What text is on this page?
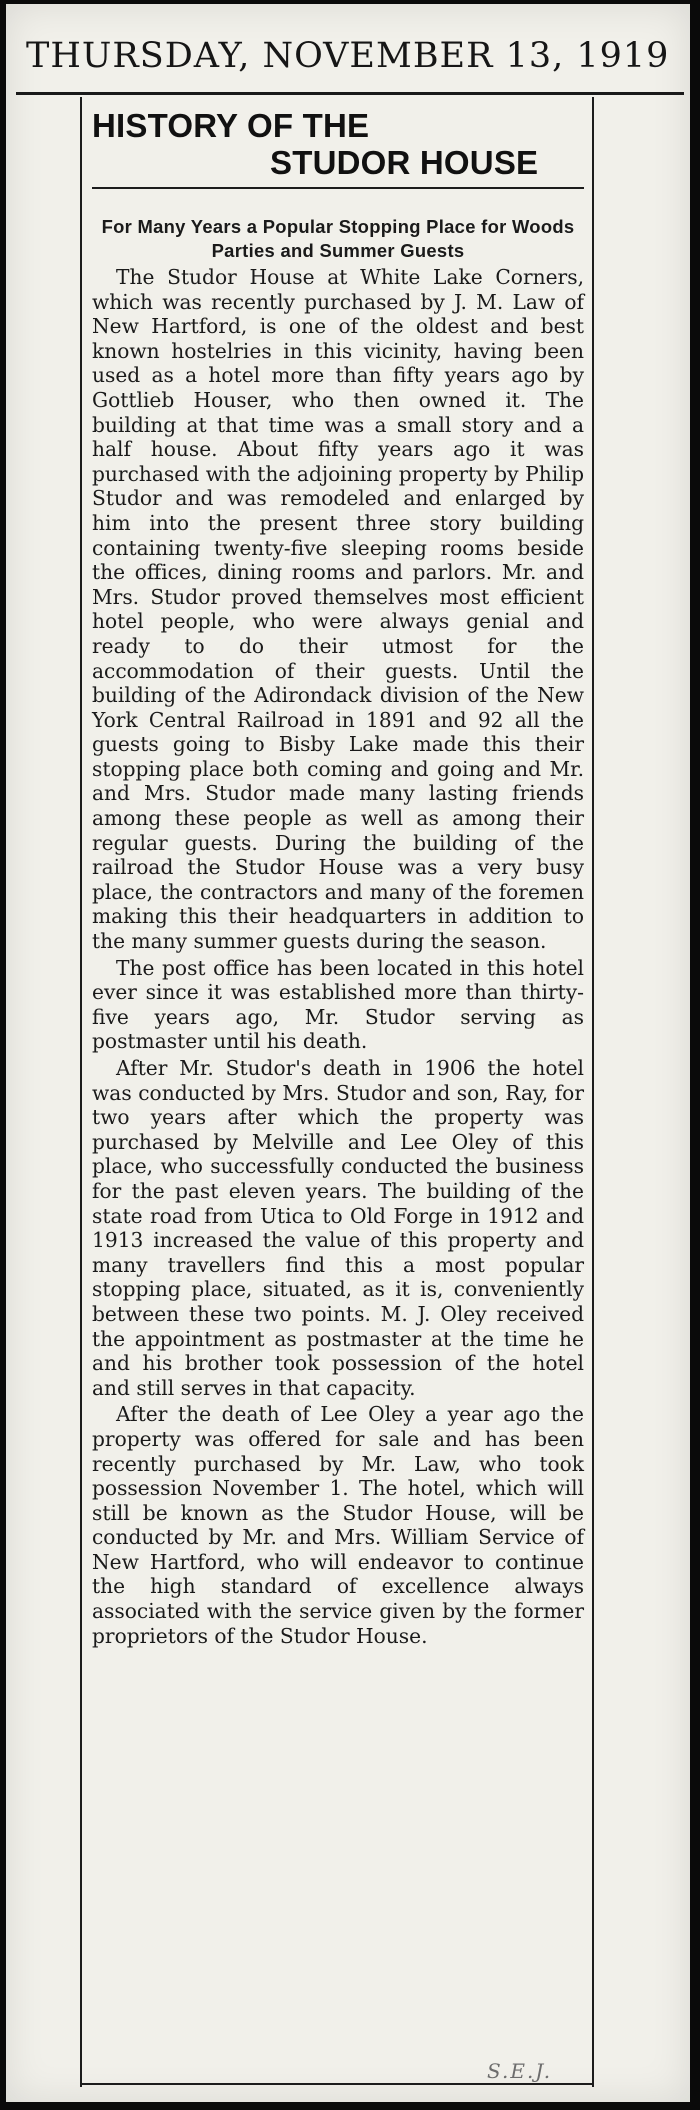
THURSDAY, NOVEMBER 13, 1919
HISTORY OF THE
STUDOR HOUSE
For Many Years a Popular Stopping Place for Woods Parties and Summer Guests

The Studor House at White Lake Corners, which was recently purchased by J. M. Law of New Hartford, is one of the oldest and best known hostelries in this vicinity, having been used as a hotel more than fifty years ago by Gottlieb Houser, who then owned it. The building at that time was a small story and a half house. About fifty years ago it was purchased with the adjoining property by Philip Studor and was remodeled and enlarged by him into the present three story building containing twenty-five sleeping rooms beside the offices, dining rooms and parlors. Mr. and Mrs. Studor proved themselves most efficient hotel people, who were always genial and ready to do their utmost for the accommodation of their guests. Until the building of the Adirondack division of the New York Central Railroad in 1891 and 92 all the guests going to Bisby Lake made this their stopping place both coming and going and Mr. and Mrs. Studor made many lasting friends among these people as well as among their regular guests. During the building of the railroad the Studor House was a very busy place, the contractors and many of the foremen making this their headquarters in addition to the many summer guests during the season.

The post office has been located in this hotel ever since it was established more than thirty-five years ago, Mr. Studor serving as postmaster until his death.

After Mr. Studor's death in 1906 the hotel was conducted by Mrs. Studor and son, Ray, for two years after which the property was purchased by Melville and Lee Oley of this place, who successfully conducted the business for the past eleven years. The building of the state road from Utica to Old Forge in 1912 and 1913 increased the value of this property and many travellers find this a most popular stopping place, situated, as it is, conveniently between these two points. M. J. Oley received the appointment as postmaster at the time he and his brother took possession of the hotel and still serves in that capacity.

After the death of Lee Oley a year ago the property was offered for sale and has been recently purchased by Mr. Law, who took possession November 1. The hotel, which will still be known as the Studor House, will be conducted by Mr. and Mrs. William Service of New Hartford, who will endeavor to continue the high standard of excellence always associated with the service given by the former proprietors of the Studor House.

S.E.J.
